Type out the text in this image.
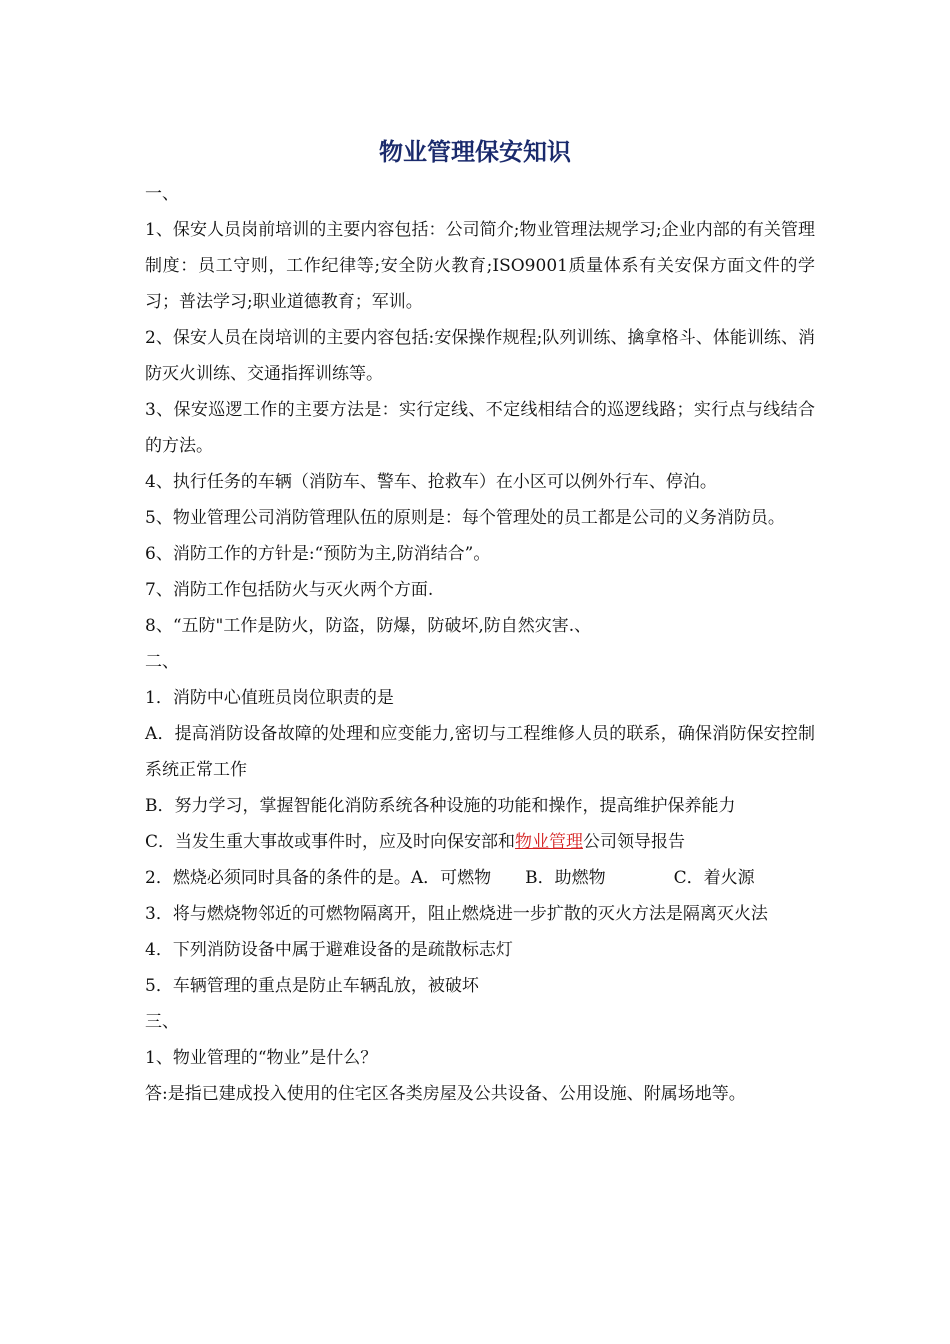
物业管理保安知识

一、

1、保安人员岗前培训的主要内容包括：公司简介;物业管理法规学习;企业内部的有关管理制度：员工守则，工作纪律等;安全防火教育;ISO9001质量体系有关安保方面文件的学习；普法学习;职业道德教育；军训。

2、保安人员在岗培训的主要内容包括:安保操作规程;队列训练、擒拿格斗、体能训练、消防灭火训练、交通指挥训练等。

3、保安巡逻工作的主要方法是：实行定线、不定线相结合的巡逻线路；实行点与线结合的方法。

4、执行任务的车辆（消防车、警车、抢救车）在小区可以例外行车、停泊。

5、物业管理公司消防管理队伍的原则是：每个管理处的员工都是公司的义务消防员。

6、消防工作的方针是:“预防为主,防消结合”。

7、消防工作包括防火与灭火两个方面.

8、“五防"工作是防火，防盗，防爆，防破坏,防自然灾害.、

二、

1．消防中心值班员岗位职责的是

A．提高消防设备故障的处理和应变能力,密切与工程维修人员的联系，确保消防保安控制系统正常工作

B．努力学习，掌握智能化消防系统各种设施的功能和操作，提高维护保养能力

C．当发生重大事故或事件时，应及时向保安部和物业管理公司领导报告

2．燃烧必须同时具备的条件的是。A．可燃物　　B．助燃物　　　　C．着火源

3．将与燃烧物邻近的可燃物隔离开，阻止燃烧进一步扩散的灭火方法是隔离灭火法

4．下列消防设备中属于避难设备的是疏散标志灯

5．车辆管理的重点是防止车辆乱放，被破坏

三、

1、物业管理的“物业”是什么？

答:是指已建成投入使用的住宅区各类房屋及公共设备、公用设施、附属场地等。
